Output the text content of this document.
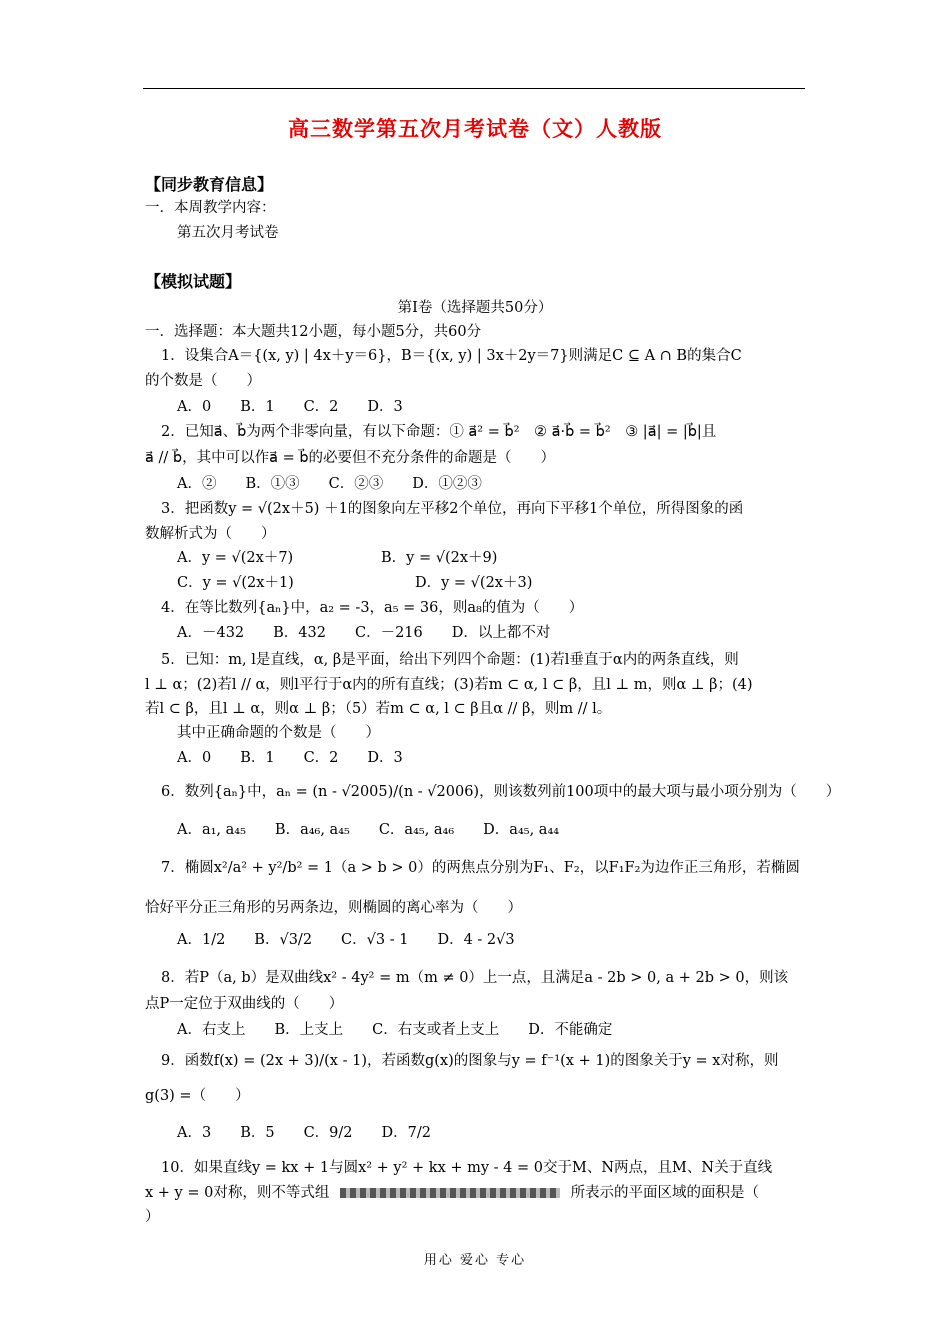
高三数学第五次月考试卷（文）人教版
【同步教育信息】
一．本周教学内容：
第五次月考试卷
【模拟试题】
第Ⅰ卷（选择题共50分）
一．选择题：本大题共12小题，每小题5分，共60分
1．设集合A＝{(x, y) | 4x＋y＝6}，B＝{(x, y) | 3x＋2y＝7}则满足C ⊆ A ∩ B的集合C
的个数是（　　）
A．0　　B．1　　C．2　　D．3
2．已知a⃗、b⃗为两个非零向量，有以下命题：① a⃗² = b⃗²　② a⃗·b⃗ = b⃗²　③ |a⃗| = |b⃗|且
a⃗ // b⃗，其中可以作a⃗ = b⃗的必要但不充分条件的命题是（　　）
A．②　　B．①③　　C．②③　　D．①②③
3．把函数y = √(2x＋5) ＋1的图象向左平移2个单位，再向下平移1个单位，所得图象的函
数解析式为（　　）
A．y = √(2x＋7)	B．y = √(2x＋9)
C．y = √(2x＋1)	D．y = √(2x＋3)
4．在等比数列{aₙ}中，a₂ = -3，a₅ = 36，则a₈的值为（　　）
A．－432　　B．432　　C．－216　　D．以上都不对
5．已知：m, l是直线，α, β是平面，给出下列四个命题：(1)若l垂直于α内的两条直线，则
l ⊥ α；(2)若l // α，则l平行于α内的所有直线；(3)若m ⊂ α, l ⊂ β，且l ⊥ m，则α ⊥ β；(4)
若l ⊂ β，且l ⊥ α，则α ⊥ β；（5）若m ⊂ α, l ⊂ β且α // β，则m // l。
其中正确命题的个数是（　　）
A．0　　B．1　　C．2　　D．3
6．数列{aₙ}中，aₙ = (n - √2005)/(n - √2006)，则该数列前100项中的最大项与最小项分别为（　　）
A．a₁, a₄₅　　B．a₄₆, a₄₅　　C．a₄₅, a₄₆　　D．a₄₅, a₄₄
7．椭圆x²/a² + y²/b² = 1（a > b > 0）的两焦点分别为F₁、F₂，以F₁F₂为边作正三角形，若椭圆
恰好平分正三角形的另两条边，则椭圆的离心率为（　　）
A．1/2　　B．√3/2　　C．√3 - 1　　D．4 - 2√3
8．若P（a, b）是双曲线x² - 4y² = m（m ≠ 0）上一点，且满足a - 2b > 0, a + 2b > 0，则该
点P一定位于双曲线的（　　）
A．右支上　　B．上支上　　C．右支或者上支上　　D．不能确定
9．函数f(x) = (2x + 3)/(x - 1)，若函数g(x)的图象与y = f⁻¹(x + 1)的图象关于y = x对称，则
g(3) =（　　）
A．3　　B．5　　C．9/2　　D．7/2
10．如果直线y = kx + 1与圆x² + y² + kx + my - 4 = 0交于M、N两点，且M、N关于直线
x + y = 0对称，则不等式组	所表示的平面区域的面积是（
）
用心 爱心 专心
